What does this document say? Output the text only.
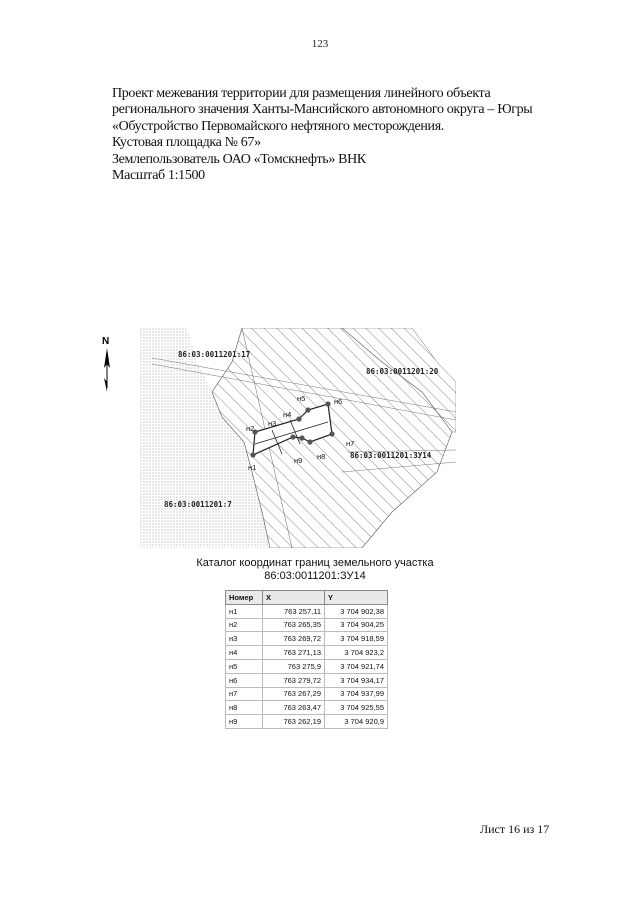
123
Проект межевания территории для размещения линейного объекта
регионального значения Ханты-Мансийского автономного округа – Югры
«Обустройство Первомайского нефтяного месторождения.
Кустовая площадка № 67»
Землепользователь ОАО «Томскнефть» ВНК
Масштаб 1:1500
н1
н2
н3
н4
н5	н6
н7
н8
н9
86:03:0011201:17
86:03:0011201:20
86:03:0011201:ЗУ14
86:03:0011201:7
N
Каталог координат границ земельного участка
86:03:0011201:ЗУ14
Номер	X	Y
н1	763 257,11	3 704 902,38
н2	763 265,35	3 704 904,25
н3	763 269,72	3 704 918,59
н4	763 271,13	3 704 923,2
н5	763 275,9	3 704 921,74
н6	763 279,72	3 704 934,17
н7	763 267,29	3 704 937,99
н8	763 263,47	3 704 925,55
н9	763 262,19	3 704 920,9
Лист 16 из 17
